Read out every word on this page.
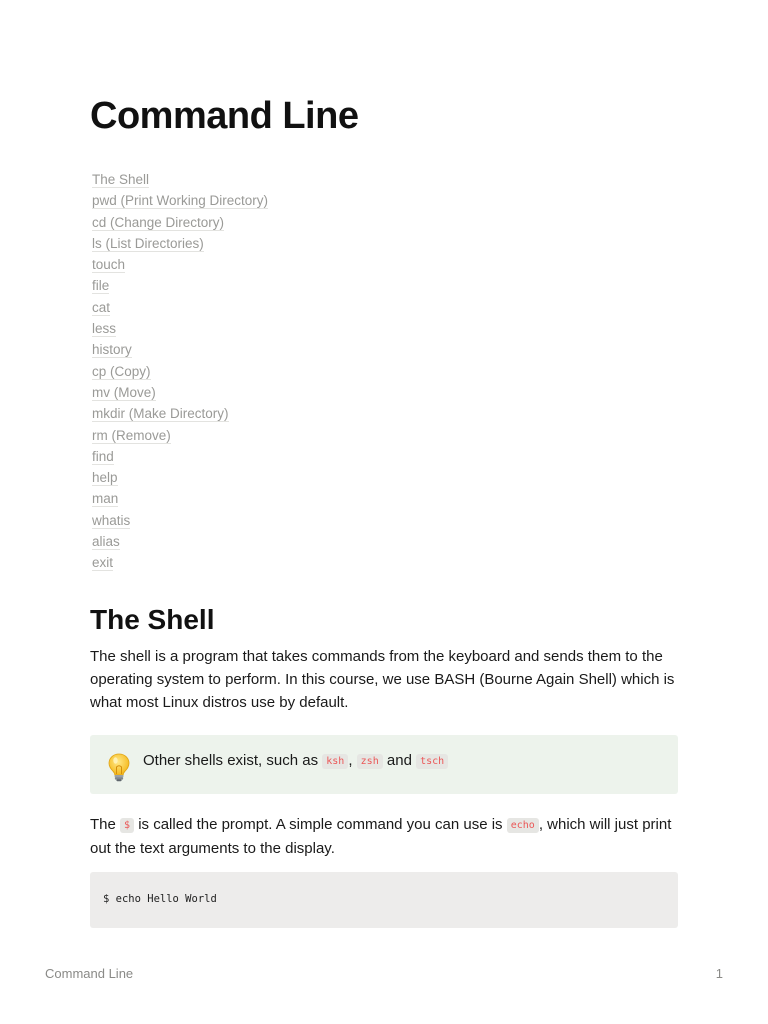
Command Line
The Shell
pwd (Print Working Directory)
cd (Change Directory)
ls (List Directories)
touch
file
cat
less
history
cp (Copy)
mv (Move)
mkdir (Make Directory)
rm (Remove)
find
help
man
whatis
alias
exit
The Shell

The shell is a program that takes commands from the keyboard and sends them to the operating system to perform. In this course, we use BASH (Bourne Again Shell) which is what most Linux distros use by default.

Other shells exist, such as ksh , zsh and tsch

The $ is called the prompt. A simple command you can use is echo , which will just print out the text arguments to the display.

$ echo Hello World
Command Line	1
